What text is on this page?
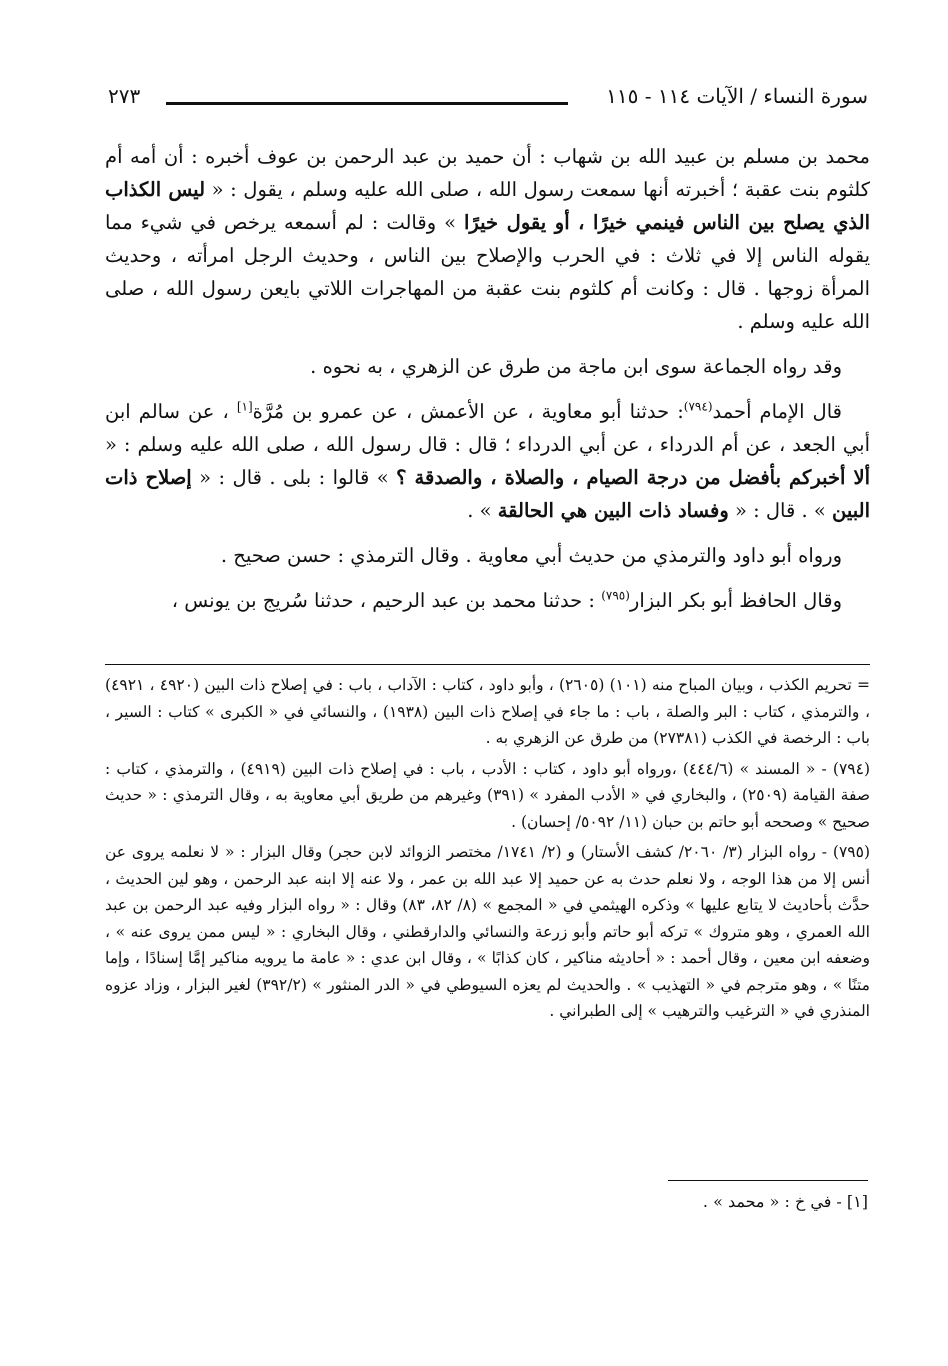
سورة النساء / الآيات ١١٤ - ١١٥
٢٧٣

محمد بن مسلم بن عبيد الله بن شهاب : أن حميد بن عبد الرحمن بن عوف أخبره : أن أمه أم كلثوم بنت عقبة ؛ أخبرته أنها سمعت رسول الله ، صلى الله عليه وسلم ، يقول : « ليس الكذاب الذي يصلح بين الناس فينمي خيرًا ، أو يقول خيرًا » وقالت : لم أسمعه يرخص في شيء مما يقوله الناس إلا في ثلاث : في الحرب والإصلاح بين الناس ، وحديث الرجل امرأته ، وحديث المرأة زوجها . قال : وكانت أم كلثوم بنت عقبة من المهاجرات اللاتي بايعن رسول الله ، صلى الله عليه وسلم .

وقد رواه الجماعة سوى ابن ماجة من طرق عن الزهري ، به نحوه .

قال الإمام أحمد$^{(٧٩٤)}$: حدثنا أبو معاوية ، عن الأعمش ، عن عمرو بن مُرَّة[١] ، عن سالم ابن أبي الجعد ، عن أم الدرداء ، عن أبي الدرداء ؛ قال : قال رسول الله ، صلى الله عليه وسلم : « ألا أخبركم بأفضل من درجة الصيام ، والصلاة ، والصدقة ؟ » قالوا : بلى . قال : « إصلاح ذات البين » . قال : « وفساد ذات البين هي الحالقة » .

ورواه أبو داود والترمذي من حديث أبي معاوية . وقال الترمذي : حسن صحيح .

وقال الحافظ أبو بكر البزار$^{(٧٩٥)}$ : حدثنا محمد بن عبد الرحيم ، حدثنا سُريج بن يونس ،

= تحريم الكذب ، وبيان المباح منه (١٠١) (٢٦٠٥) ، وأبو داود ، كتاب : الآداب ، باب : في إصلاح ذات البين (٤٩٢٠ ، ٤٩٢١) ، والترمذي ، كتاب : البر والصلة ، باب : ما جاء في إصلاح ذات البين (١٩٣٨) ، والنسائي في « الكبرى » كتاب : السير ، باب : الرخصة في الكذب (٢٧٣٨١) من طرق عن الزهري به .

(٧٩٤) - « المسند » (٤٤٤/٦) ،ورواه أبو داود ، كتاب : الأدب ، باب : في إصلاح ذات البين (٤٩١٩) ، والترمذي ، كتاب : صفة القيامة (٢٥٠٩) ، والبخاري في « الأدب المفرد » (٣٩١) وغيرهم من طريق أبي معاوية به ، وقال الترمذي : « حديث صحيح » وصححه أبو حاتم بن حبان (١١/ ٥٠٩٢/ إحسان) .

(٧٩٥) - رواه البزار (٣/ ٢٠٦٠/ كشف الأستار) و (٢/ ١٧٤١/ مختصر الزوائد لابن حجر) وقال البزار : « لا نعلمه يروى عن أنس إلا من هذا الوجه ، ولا نعلم حدث به عن حميد إلا عبد الله بن عمر ، ولا عنه إلا ابنه عبد الرحمن ، وهو لين الحديث ، حدَّث بأحاديث لا يتابع عليها » وذكره الهيثمي في « المجمع » (٨/ ٨٢، ٨٣) وقال : « رواه البزار وفيه عبد الرحمن بن عبد الله العمري ، وهو متروك » تركه أبو حاتم وأبو زرعة والنسائي والدارقطني ، وقال البخاري : « ليس ممن يروى عنه » ، وضعفه ابن معين ، وقال أحمد : « أحاديثه مناكير ، كان كذابًا » ، وقال ابن عدي : « عامة ما يرويه مناكير إمَّا إسنادًا ، وإما متنًا » ، وهو مترجم في « التهذيب » . والحديث لم يعزه السيوطي في « الدر المنثور » (٣٩٢/٢) لغير البزار ، وزاد عزوه المنذري في « الترغيب والترهيب » إلى الطبراني .

[١] - في خ : « محمد » .
